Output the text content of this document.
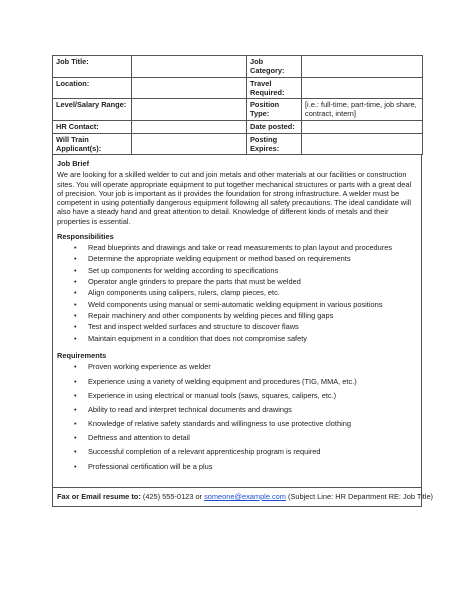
Job Title:		Job Category:	
Location:		Travel Required:	
Level/Salary Range:		Position Type:	[i.e.: full-time, part-time, job share, contract, intern]
HR Contact:		Date posted:	
Will Train Applicant(s):		Posting Expires:	
Job Brief
We are looking for a skilled welder to cut and join metals and other materials at our facilities or construction sites. You will operate appropriate equipment to put together mechanical structures or parts with a great deal of precision. Your job is important as it provides the foundation for strong infrastructure. A welder must be competent in using potentially dangerous equipment following all safety precautions. The ideal candidate will also have a steady hand and great attention to detail. Knowledge of different kinds of metals and their properties is essential.
Responsibilities
• Read blueprints and drawings and take or read measurements to plan layout and procedures
• Determine the appropriate welding equipment or method based on requirements
• Set up components for welding according to specifications
• Operator angle grinders to prepare the parts that must be welded
• Align components using calipers, rulers, clamp pieces, etc.
• Weld components using manual or semi-automatic welding equipment in various positions
• Repair machinery and other components by welding pieces and filling gaps
• Test and inspect welded surfaces and structure to discover flaws
• Maintain equipment in a condition that does not compromise safety
Requirements
• Proven working experience as welder
• Experience using a variety of welding equipment and procedures (TIG, MMA, etc.)
• Experience in using electrical or manual tools (saws, squares, calipers, etc.)
• Ability to read and interpret technical documents and drawings
• Knowledge of relative safety standards and willingness to use protective clothing
• Deftness and attention to detail
• Successful completion of a relevant apprenticeship program is required
• Professional certification will be a plus
Fax or Email resume to: (425) 555-0123 or someone@example.com (Subject Line: HR Department RE: Job Title)
